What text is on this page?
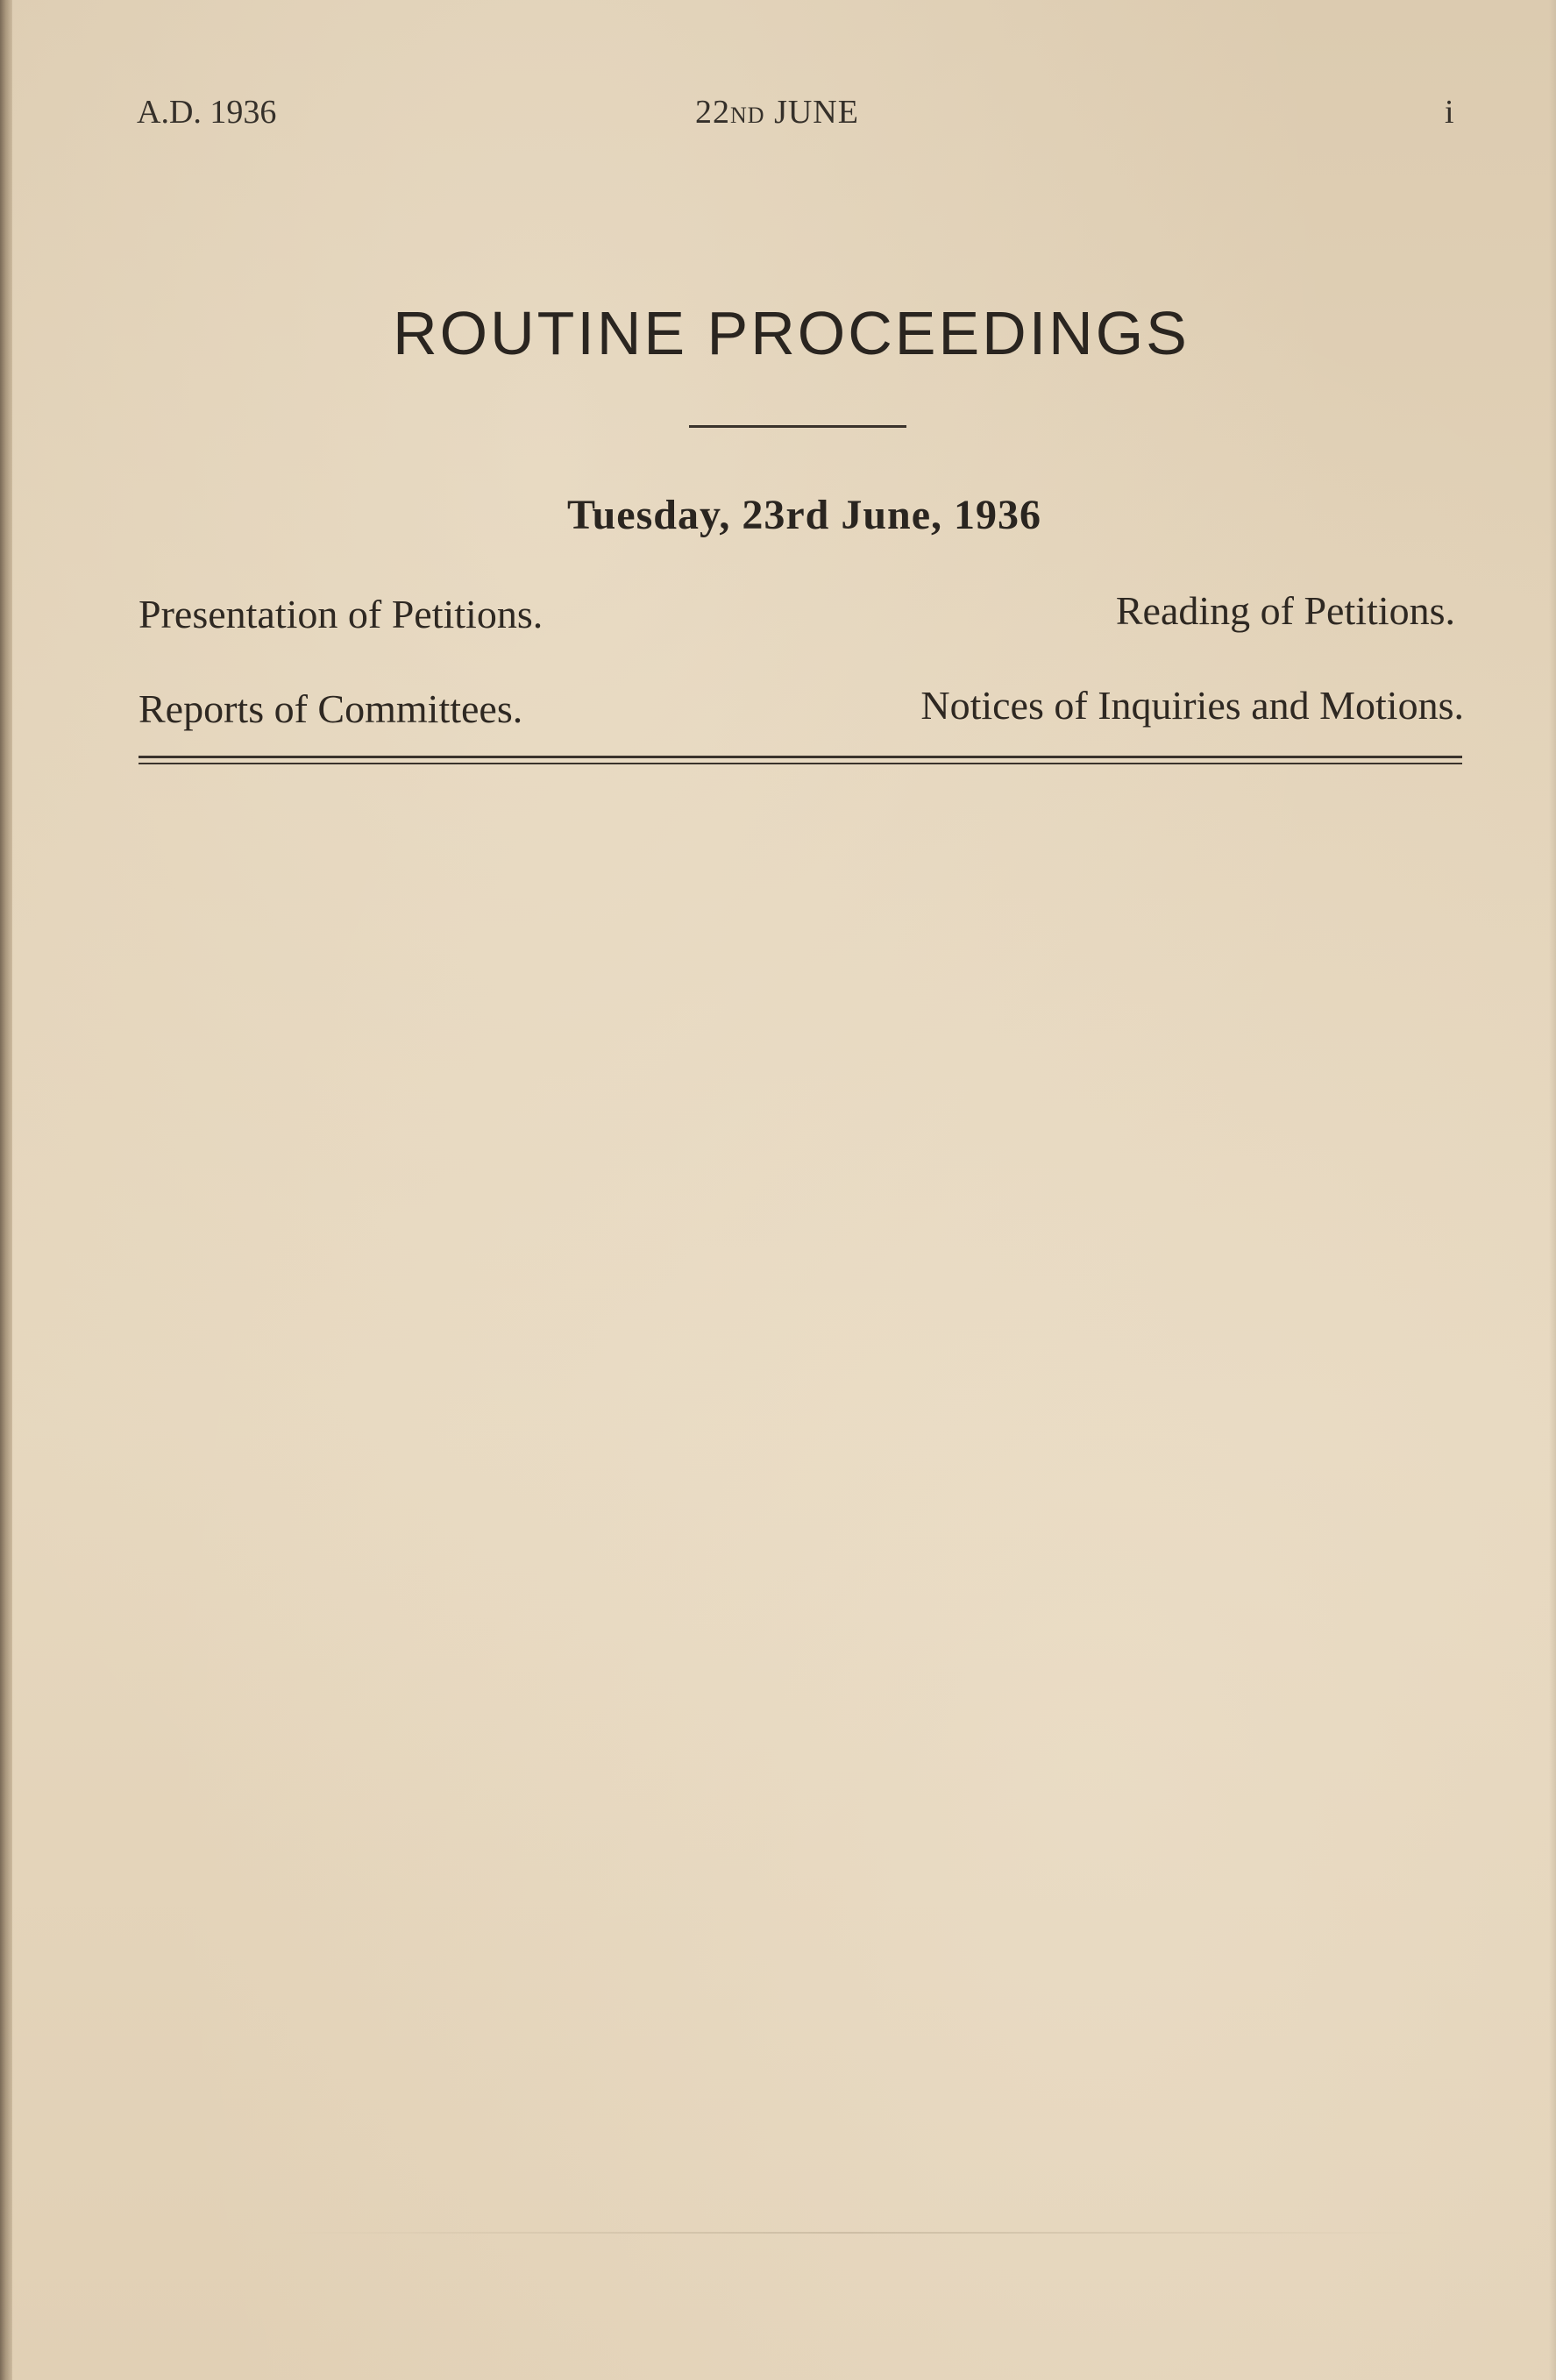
A.D. 1936	22ND JUNE	i
ROUTINE PROCEEDINGS
Tuesday, 23rd June, 1936
Presentation of Petitions.	Reading of Petitions.
Reports of Committees.	Notices of Inquiries and Motions.
